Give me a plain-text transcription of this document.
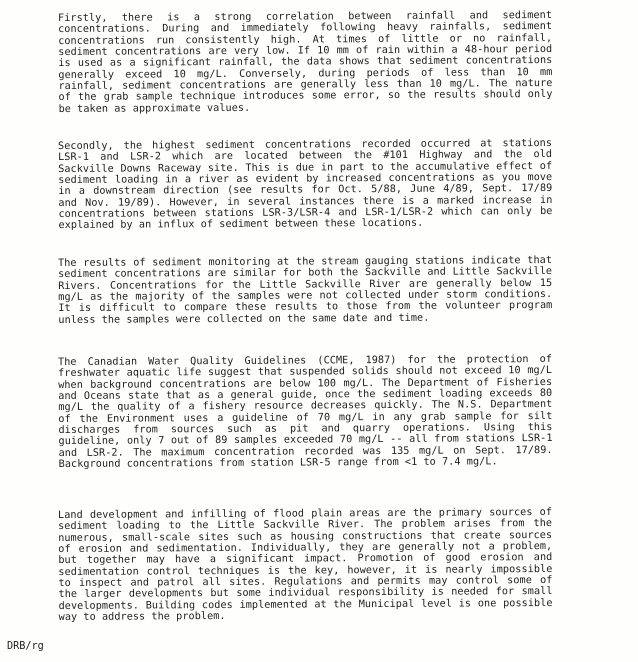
Firstly, there is a strong correlation between rainfall and sediment concentrations. During and immediately following heavy rainfalls, sediment concentrations run consistently high. At times of little or no rainfall, sediment concentrations are very low. If 10 mm of rain within a 48-hour period is used as a significant rainfall, the data shows that sediment concentrations generally exceed 10 mg/L. Conversely, during periods of less than 10 mm rainfall, sediment concentrations are generally less than 10 mg/L. The nature of the grab sample technique introduces some error, so the results should only be taken as approximate values.

Secondly, the highest sediment concentrations recorded occurred at stations LSR-1 and LSR-2 which are located between the #101 Highway and the old Sackville Downs Raceway site. This is due in part to the accumulative effect of sediment loading in a river as evident by increased concentrations as you move in a downstream direction (see results for Oct. 5/88, June 4/89, Sept. 17/89 and Nov. 19/89). However, in several instances there is a marked increase in concentrations between stations LSR-3/LSR-4 and LSR-1/LSR-2 which can only be explained by an influx of sediment between these locations.

The results of sediment monitoring at the stream gauging stations indicate that sediment concentrations are similar for both the Sackville and Little Sackville Rivers. Concentrations for the Little Sackville River are generally below 15 mg/L as the majority of the samples were not collected under storm conditions. It is difficult to compare these results to those from the volunteer program unless the samples were collected on the same date and time.

The Canadian Water Quality Guidelines (CCME, 1987) for the protection of freshwater aquatic life suggest that suspended solids should not exceed 10 mg/L when background concentrations are below 100 mg/L. The Department of Fisheries and Oceans state that as a general guide, once the sediment loading exceeds 80 mg/L the quality of a fishery resource decreases quickly. The N.S. Department of the Environment uses a guideline of 70 mg/L in any grab sample for silt discharges from sources such as pit and quarry operations. Using this guideline, only 7 out of 89 samples exceeded 70 mg/L -- all from stations LSR-1 and LSR-2. The maximum concentration recorded was 135 mg/L on Sept. 17/89. Background concentrations from station LSR-5 range from <1 to 7.4 mg/L.

Land development and infilling of flood plain areas are the primary sources of sediment loading to the Little Sackville River. The problem arises from the numerous, small-scale sites such as housing constructions that create sources of erosion and sedimentation. Individually, they are generally not a problem, but together may have a significant impact. Promotion of good erosion and sedimentation control techniques is the key, however, it is nearly impossible to inspect and patrol all sites. Regulations and permits may control some of the larger developments but some individual responsibility is needed for small developments. Building codes implemented at the Municipal level is one possible way to address the problem.

DRB/rg
